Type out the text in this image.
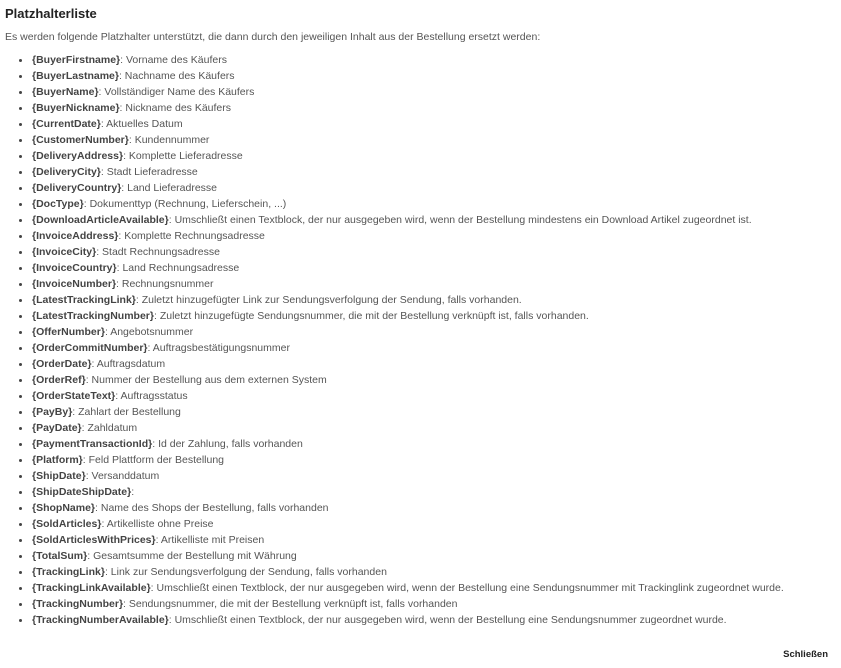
Platzhalterliste

Es werden folgende Platzhalter unterstützt, die dann durch den jeweiligen Inhalt aus der Bestellung ersetzt werden:

{BuyerFirstname}: Vorname des Käufers
{BuyerLastname}: Nachname des Käufers
{BuyerName}: Vollständiger Name des Käufers
{BuyerNickname}: Nickname des Käufers
{CurrentDate}: Aktuelles Datum
{CustomerNumber}: Kundennummer
{DeliveryAddress}: Komplette Lieferadresse
{DeliveryCity}: Stadt Lieferadresse
{DeliveryCountry}: Land Lieferadresse
{DocType}: Dokumenttyp (Rechnung, Lieferschein, ...)
{DownloadArticleAvailable}: Umschließt einen Textblock, der nur ausgegeben wird, wenn der Bestellung mindestens ein Download Artikel zugeordnet ist.
{InvoiceAddress}: Komplette Rechnungsadresse
{InvoiceCity}: Stadt Rechnungsadresse
{InvoiceCountry}: Land Rechnungsadresse
{InvoiceNumber}: Rechnungsnummer
{LatestTrackingLink}: Zuletzt hinzugefügter Link zur Sendungsverfolgung der Sendung, falls vorhanden.
{LatestTrackingNumber}: Zuletzt hinzugefügte Sendungsnummer, die mit der Bestellung verknüpft ist, falls vorhanden.
{OfferNumber}: Angebotsnummer
{OrderCommitNumber}: Auftragsbestätigungsnummer
{OrderDate}: Auftragsdatum
{OrderRef}: Nummer der Bestellung aus dem externen System
{OrderStateText}: Auftragsstatus
{PayBy}: Zahlart der Bestellung
{PayDate}: Zahldatum
{PaymentTransactionId}: Id der Zahlung, falls vorhanden
{Platform}: Feld Plattform der Bestellung
{ShipDate}: Versanddatum
{ShipDateShipDate}:
{ShopName}: Name des Shops der Bestellung, falls vorhanden
{SoldArticles}: Artikelliste ohne Preise
{SoldArticlesWithPrices}: Artikelliste mit Preisen
{TotalSum}: Gesamtsumme der Bestellung mit Währung
{TrackingLink}: Link zur Sendungsverfolgung der Sendung, falls vorhanden
{TrackingLinkAvailable}: Umschließt einen Textblock, der nur ausgegeben wird, wenn der Bestellung eine Sendungsnummer mit Trackinglink zugeordnet wurde.
{TrackingNumber}: Sendungsnummer, die mit der Bestellung verknüpft ist, falls vorhanden
{TrackingNumberAvailable}: Umschließt einen Textblock, der nur ausgegeben wird, wenn der Bestellung eine Sendungsnummer zugeordnet wurde.
Schließen
